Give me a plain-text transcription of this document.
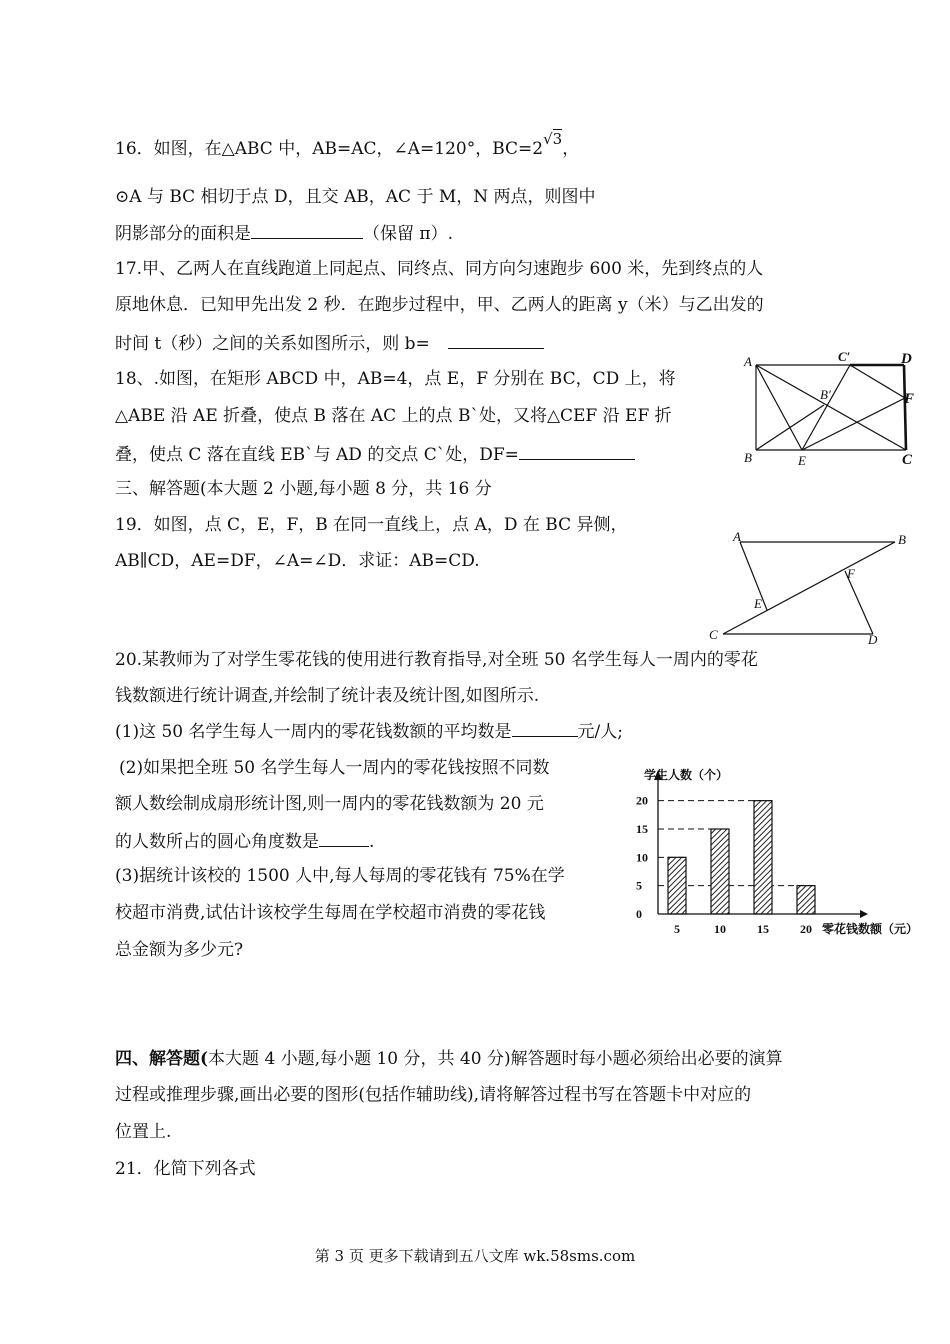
16．如图，在△ABC 中，AB=AC，∠A=120°，BC=2√3，
⊙A 与 BC 相切于点 D，且交 AB，AC 于 M，N 两点，则图中
阴影部分的面积是	（保留 π）.
17.甲、乙两人在直线跑道上同起点、同终点、同方向匀速跑步 600 米，先到终点的人
原地休息．已知甲先出发 2 秒．在跑步过程中，甲、乙两人的距离 y（米）与乙出发的
时间 t（秒）之间的关系如图所示，则 b=
18、.如图，在矩形 ABCD 中，AB=4，点 E，F 分别在 BC，CD 上，将
△ABE 沿 AE 折叠，使点 B 落在 AC 上的点 B`处，又将△CEF 沿 EF 折
叠，使点 C 落在直线 EB`与 AD 的交点 C`处，DF=
A	C′	D
B′	F
B	E	C
三、解答题(本大题 2 小题,每小题 8 分，共 16 分
19．如图，点 C，E，F，B 在同一直线上，点 A，D 在 BC 异侧，
AB∥CD，AE=DF，∠A=∠D．求证：AB=CD.
A	B
F
E
C	D
20.某教师为了对学生零花钱的使用进行教育指导,对全班 50 名学生每人一周内的零花
钱数额进行统计调查,并绘制了统计表及统计图,如图所示.
(1)这 50 名学生每人一周内的零花钱数额的平均数是	元/人;
(2)如果把全班 50 名学生每人一周内的零花钱按照不同数
额人数绘制成扇形统计图,则一周内的零花钱数额为 20 元
的人数所占的圆心角度数是	.
(3)据统计该校的 1500 人中,每人每周的零花钱有 75%在学
校超市消费,试估计该校学生每周在学校超市消费的零花钱
总金额为多少元?
0
5
10
15
20
5	10	15	20
学生人数（个）
零花钱数额（元）
四、解答题(本大题 4 小题,每小题 10 分，共 40 分)解答题时每小题必须给出必要的演算
过程或推理步骤,画出必要的图形(包括作辅助线),请将解答过程书写在答题卡中对应的
位置上.
21．化简下列各式
第 3 页 更多下载请到五八文库 wk.58sms.com
